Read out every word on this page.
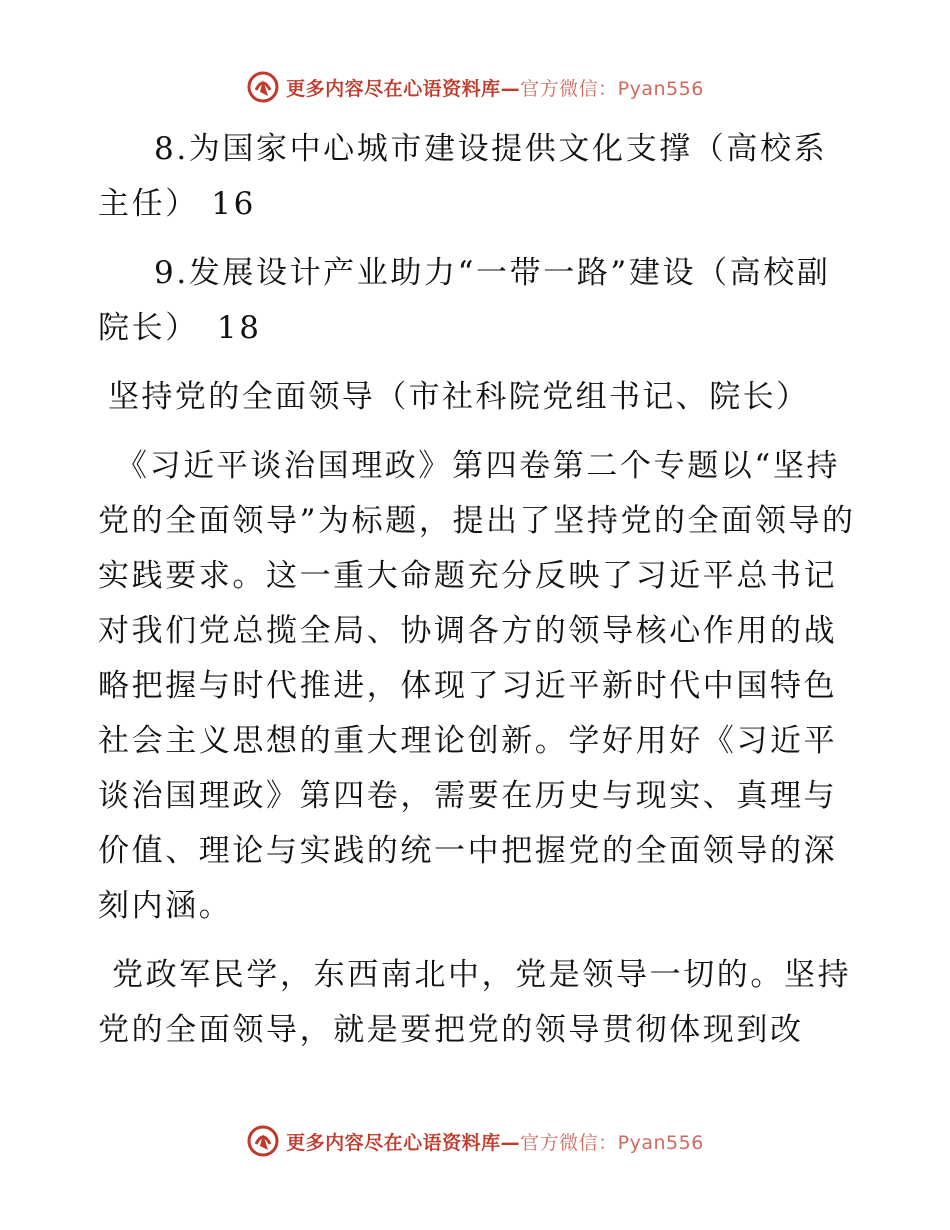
更多内容尽在心语资料库—官方微信：Pyan556

8.为国家中心城市建设提供文化支撑（高校系主任） 16

9.发展设计产业助力“一带一路”建设（高校副院长）　18

坚持党的全面领导（市社科院党组书记、院长）

《习近平谈治国理政》第四卷第二个专题以“坚持党的全面领导”为标题，提出了坚持党的全面领导的实践要求。这一重大命题充分反映了习近平总书记对我们党总揽全局、协调各方的领导核心作用的战略把握与时代推进，体现了习近平新时代中国特色社会主义思想的重大理论创新。学好用好《习近平谈治国理政》第四卷，需要在历史与现实、真理与价值、理论与实践的统一中把握党的全面领导的深刻内涵。

党政军民学，东西南北中，党是领导一切的。坚持党的全面领导，就是要把党的领导贯彻体现到改

更多内容尽在心语资料库—官方微信：Pyan556
